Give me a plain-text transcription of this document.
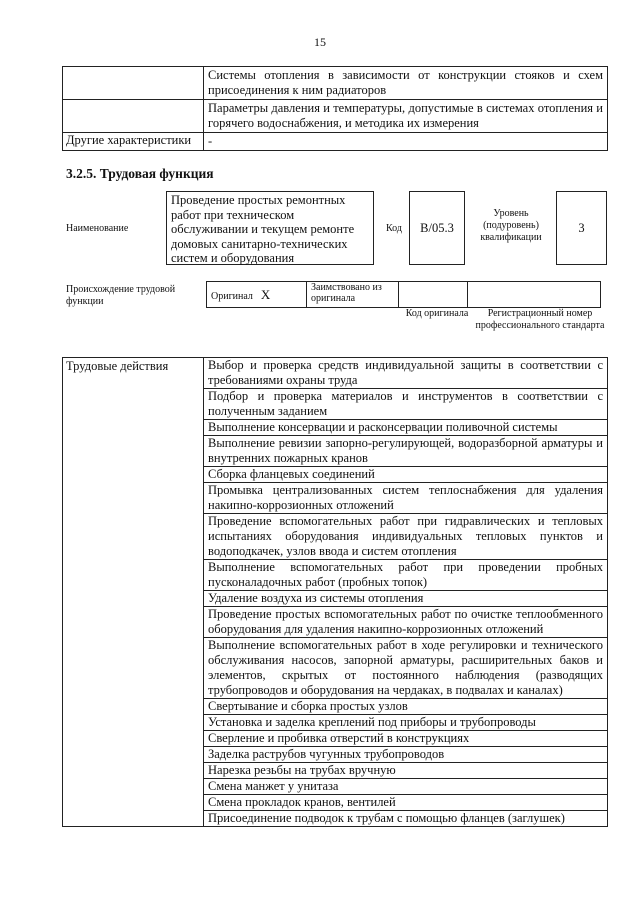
15
	Системы отопления в зависимости от конструкции стояков и схем присоединения к ним радиаторов
	Параметры давления и температуры, допустимые в системах отопления и горячего водоснабжения, и методика их измерения
Другие характеристики	-
3.2.5. Трудовая функция
Наименование
Проведение простых ремонтных работ при техническом обслуживании и текущем ремонте домовых санитарно-технических систем и оборудования
Код	B/05.3
Уровень (подуровень) квалификации
3
Происхождение трудовой функции	Оригинал X	Заимствовано из оригинала		
Код оригинала	Регистрационный номер профессионального стандарта
Трудовые действия	Выбор и проверка средств индивидуальной защиты в соответствии с требованиями охраны труда
Подбор и проверка материалов и инструментов в соответствии с полученным заданием
Выполнение консервации и расконсервации поливочной системы
Выполнение ревизии запорно-регулирующей, водоразборной арматуры и внутренних пожарных кранов
Сборка фланцевых соединений
Промывка централизованных систем теплоснабжения для удаления накипно-коррозионных отложений
Проведение вспомогательных работ при гидравлических и тепловых испытаниях оборудования индивидуальных тепловых пунктов и водоподкачек, узлов ввода и систем отопления
Выполнение вспомогательных работ при проведении пробных пусконаладочных работ (пробных топок)
Удаление воздуха из системы отопления
Проведение простых вспомогательных работ по очистке теплообменного оборудования для удаления накипно-коррозионных отложений
Выполнение вспомогательных работ в ходе регулировки и технического обслуживания насосов, запорной арматуры, расширительных баков и элементов, скрытых от постоянного наблюдения (разводящих трубопроводов и оборудования на чердаках, в подвалах и каналах)
Свертывание и сборка простых узлов
Установка и заделка креплений под приборы и трубопроводы
Сверление и пробивка отверстий в конструкциях
Заделка раструбов чугунных трубопроводов
Нарезка резьбы на трубах вручную
Смена манжет у унитаза
Смена прокладок кранов, вентилей
Присоединение подводок к трубам с помощью фланцев (заглушек)
